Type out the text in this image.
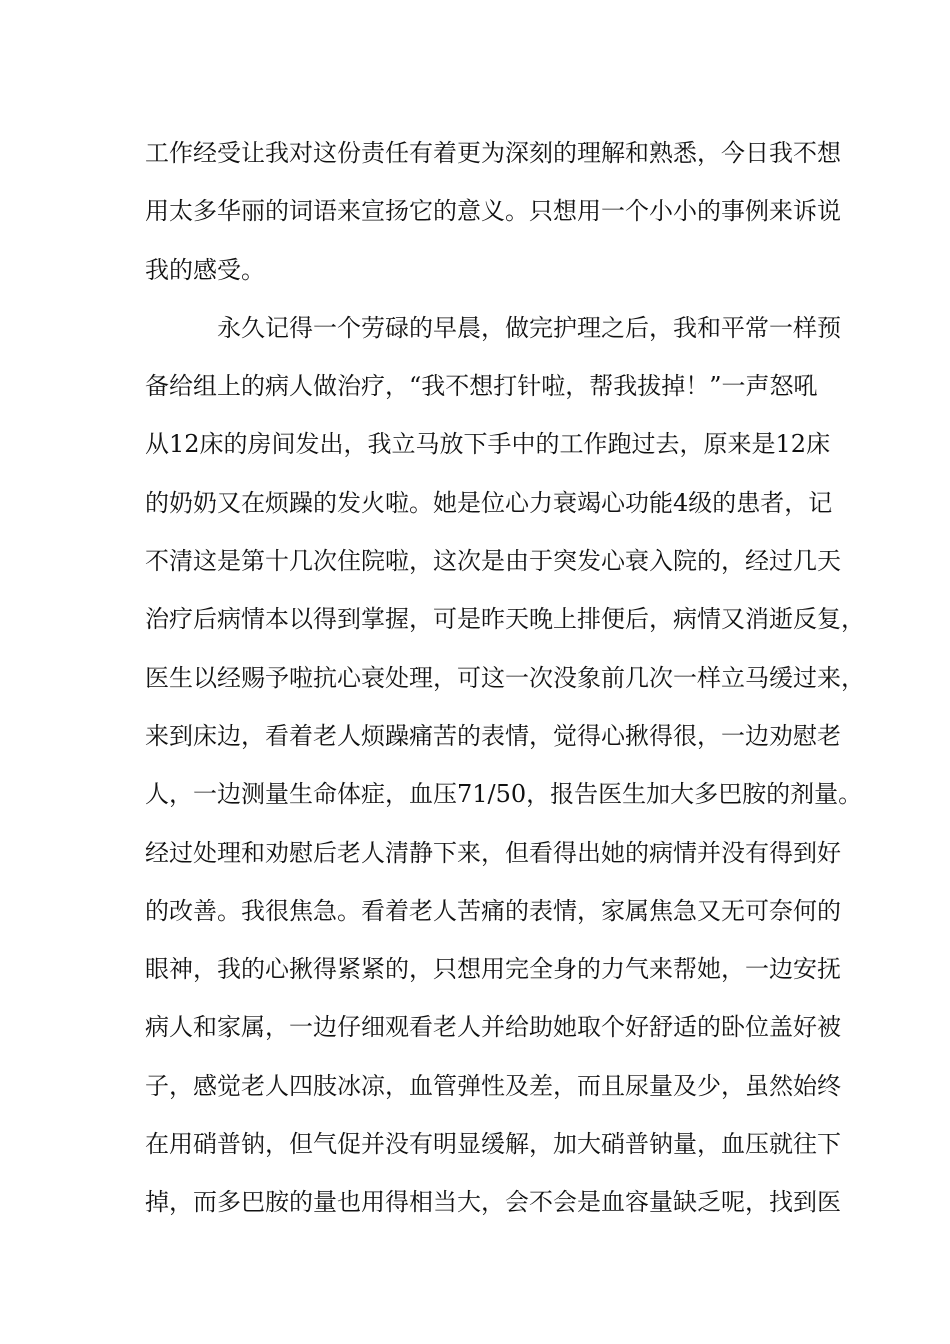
工作经受让我对这份责任有着更为深刻的理解和熟悉，今日我不想
用太多华丽的词语来宣扬它的意义。只想用一个小小的事例来诉说
我的感受。
永久记得一个劳碌的早晨，做完护理之后，我和平常一样预
备给组上的病人做治疗，“我不想打针啦，帮我拔掉！”一声怒吼
从12床的房间发出，我立马放下手中的工作跑过去，原来是12床
的奶奶又在烦躁的发火啦。她是位心力衰竭心功能4级的患者，记
不清这是第十几次住院啦，这次是由于突发心衰入院的，经过几天
治疗后病情本以得到掌握，可是昨天晚上排便后，病情又消逝反复，
医生以经赐予啦抗心衰处理，可这一次没象前几次一样立马缓过来，
来到床边，看着老人烦躁痛苦的表情，觉得心揪得很，一边劝慰老
人，一边测量生命体症，血压71/50，报告医生加大多巴胺的剂量。
经过处理和劝慰后老人清静下来，但看得出她的病情并没有得到好
的改善。我很焦急。看着老人苦痛的表情，家属焦急又无可奈何的
眼神，我的心揪得紧紧的，只想用完全身的力气来帮她，一边安抚
病人和家属，一边仔细观看老人并给助她取个好舒适的卧位盖好被
子，感觉老人四肢冰凉，血管弹性及差，而且尿量及少，虽然始终
在用硝普钠，但气促并没有明显缓解，加大硝普钠量，血压就往下
掉，而多巴胺的量也用得相当大，会不会是血容量缺乏呢，找到医
